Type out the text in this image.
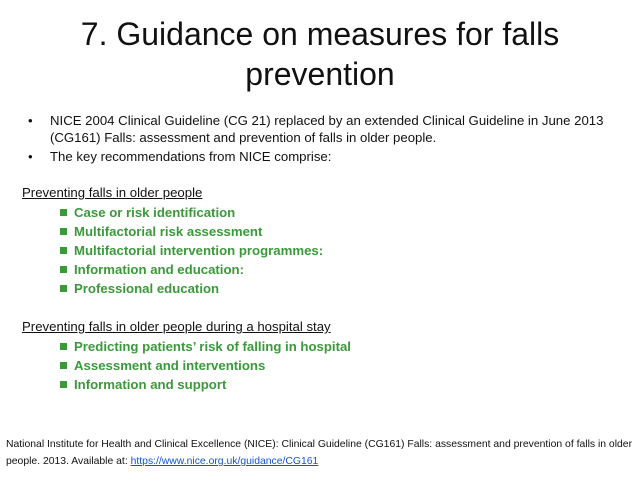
7. Guidance on measures for falls prevention
• NICE 2004 Clinical Guideline (CG 21) replaced by an extended Clinical Guideline in June 2013 (CG161) Falls: assessment and prevention of falls in older people.
• The key recommendations from NICE comprise:
Preventing falls in older people
Case or risk identification
Multifactorial risk assessment
Multifactorial intervention programmes:
Information and education:
Professional education
Preventing falls in older people during a hospital stay
Predicting patients’ risk of falling in hospital
Assessment and interventions
Information and support
National Institute for Health and Clinical Excellence (NICE): Clinical Guideline (CG161) Falls: assessment and prevention of falls in older people. 2013. Available at: https://www.nice.org.uk/guidance/CG161
